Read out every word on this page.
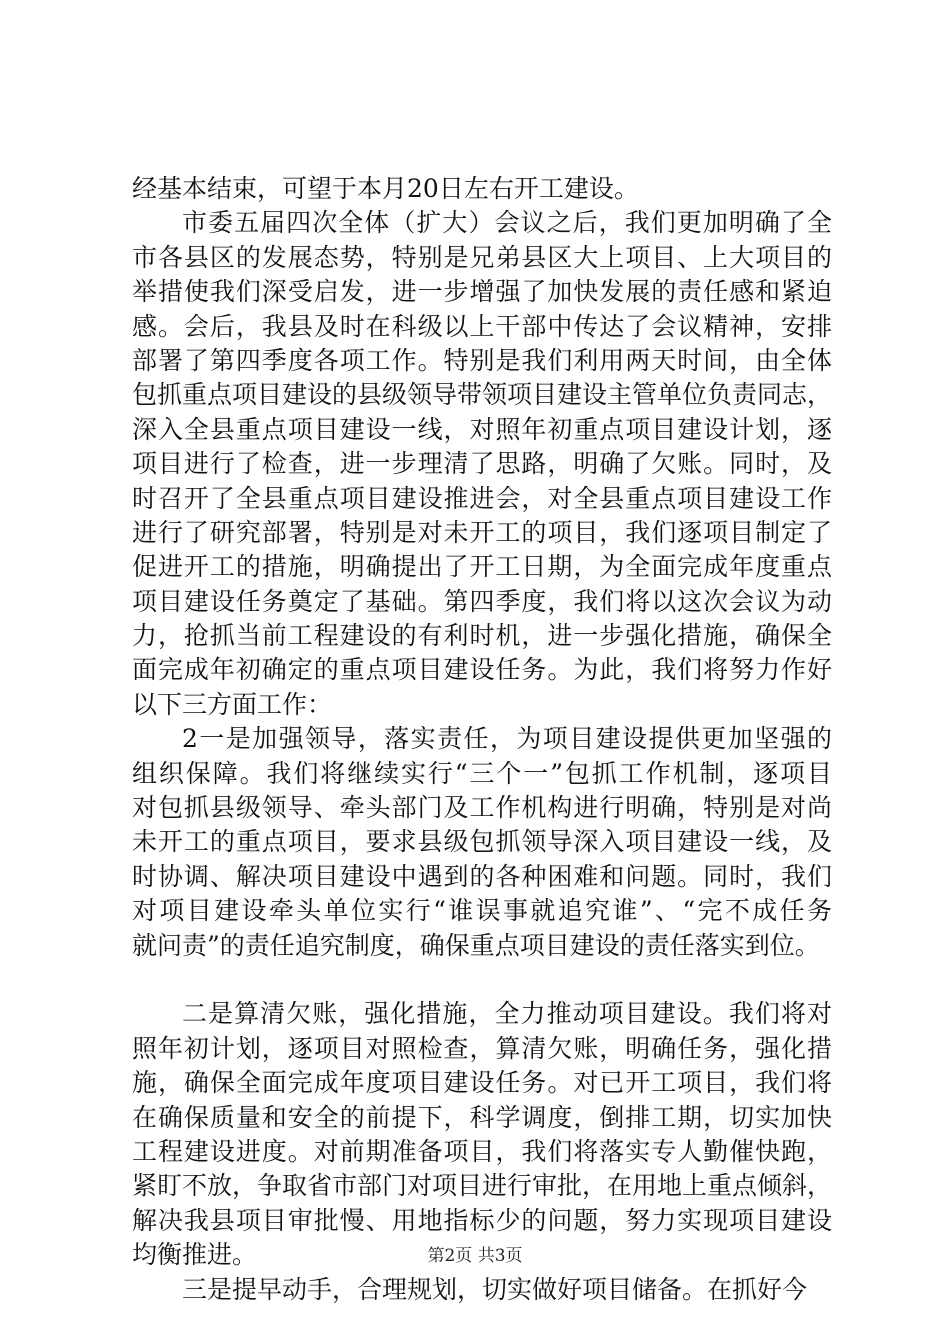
经基本结束，可望于本月20日左右开工建设。
市委五届四次全体（扩大）会议之后，我们更加明确了全
市各县区的发展态势，特别是兄弟县区大上项目、上大项目的
举措使我们深受启发，进一步增强了加快发展的责任感和紧迫
感。会后，我县及时在科级以上干部中传达了会议精神，安排
部署了第四季度各项工作。特别是我们利用两天时间，由全体
包抓重点项目建设的县级领导带领项目建设主管单位负责同志，
深入全县重点项目建设一线，对照年初重点项目建设计划，逐
项目进行了检查，进一步理清了思路，明确了欠账。同时，及
时召开了全县重点项目建设推进会，对全县重点项目建设工作
进行了研究部署，特别是对未开工的项目，我们逐项目制定了
促进开工的措施，明确提出了开工日期，为全面完成年度重点
项目建设任务奠定了基础。第四季度，我们将以这次会议为动
力，抢抓当前工程建设的有利时机，进一步强化措施，确保全
面完成年初确定的重点项目建设任务。为此，我们将努力作好
以下三方面工作：
2一是加强领导，落实责任，为项目建设提供更加坚强的
组织保障。我们将继续实行“三个一”包抓工作机制，逐项目
对包抓县级领导、牵头部门及工作机构进行明确，特别是对尚
未开工的重点项目，要求县级包抓领导深入项目建设一线，及
时协调、解决项目建设中遇到的各种困难和问题。同时，我们
对项目建设牵头单位实行“谁误事就追究谁”、“完不成任务
就问责”的责任追究制度，确保重点项目建设的责任落实到位。
二是算清欠账，强化措施，全力推动项目建设。我们将对
照年初计划，逐项目对照检查，算清欠账，明确任务，强化措
施，确保全面完成年度项目建设任务。对已开工项目，我们将
在确保质量和安全的前提下，科学调度，倒排工期，切实加快
工程建设进度。对前期准备项目，我们将落实专人勤催快跑，
紧盯不放，争取省市部门对项目进行审批，在用地上重点倾斜，
解决我县项目审批慢、用地指标少的问题，努力实现项目建设
均衡推进。
三是提早动手，合理规划，切实做好项目储备。在抓好今
第2页 共3页
